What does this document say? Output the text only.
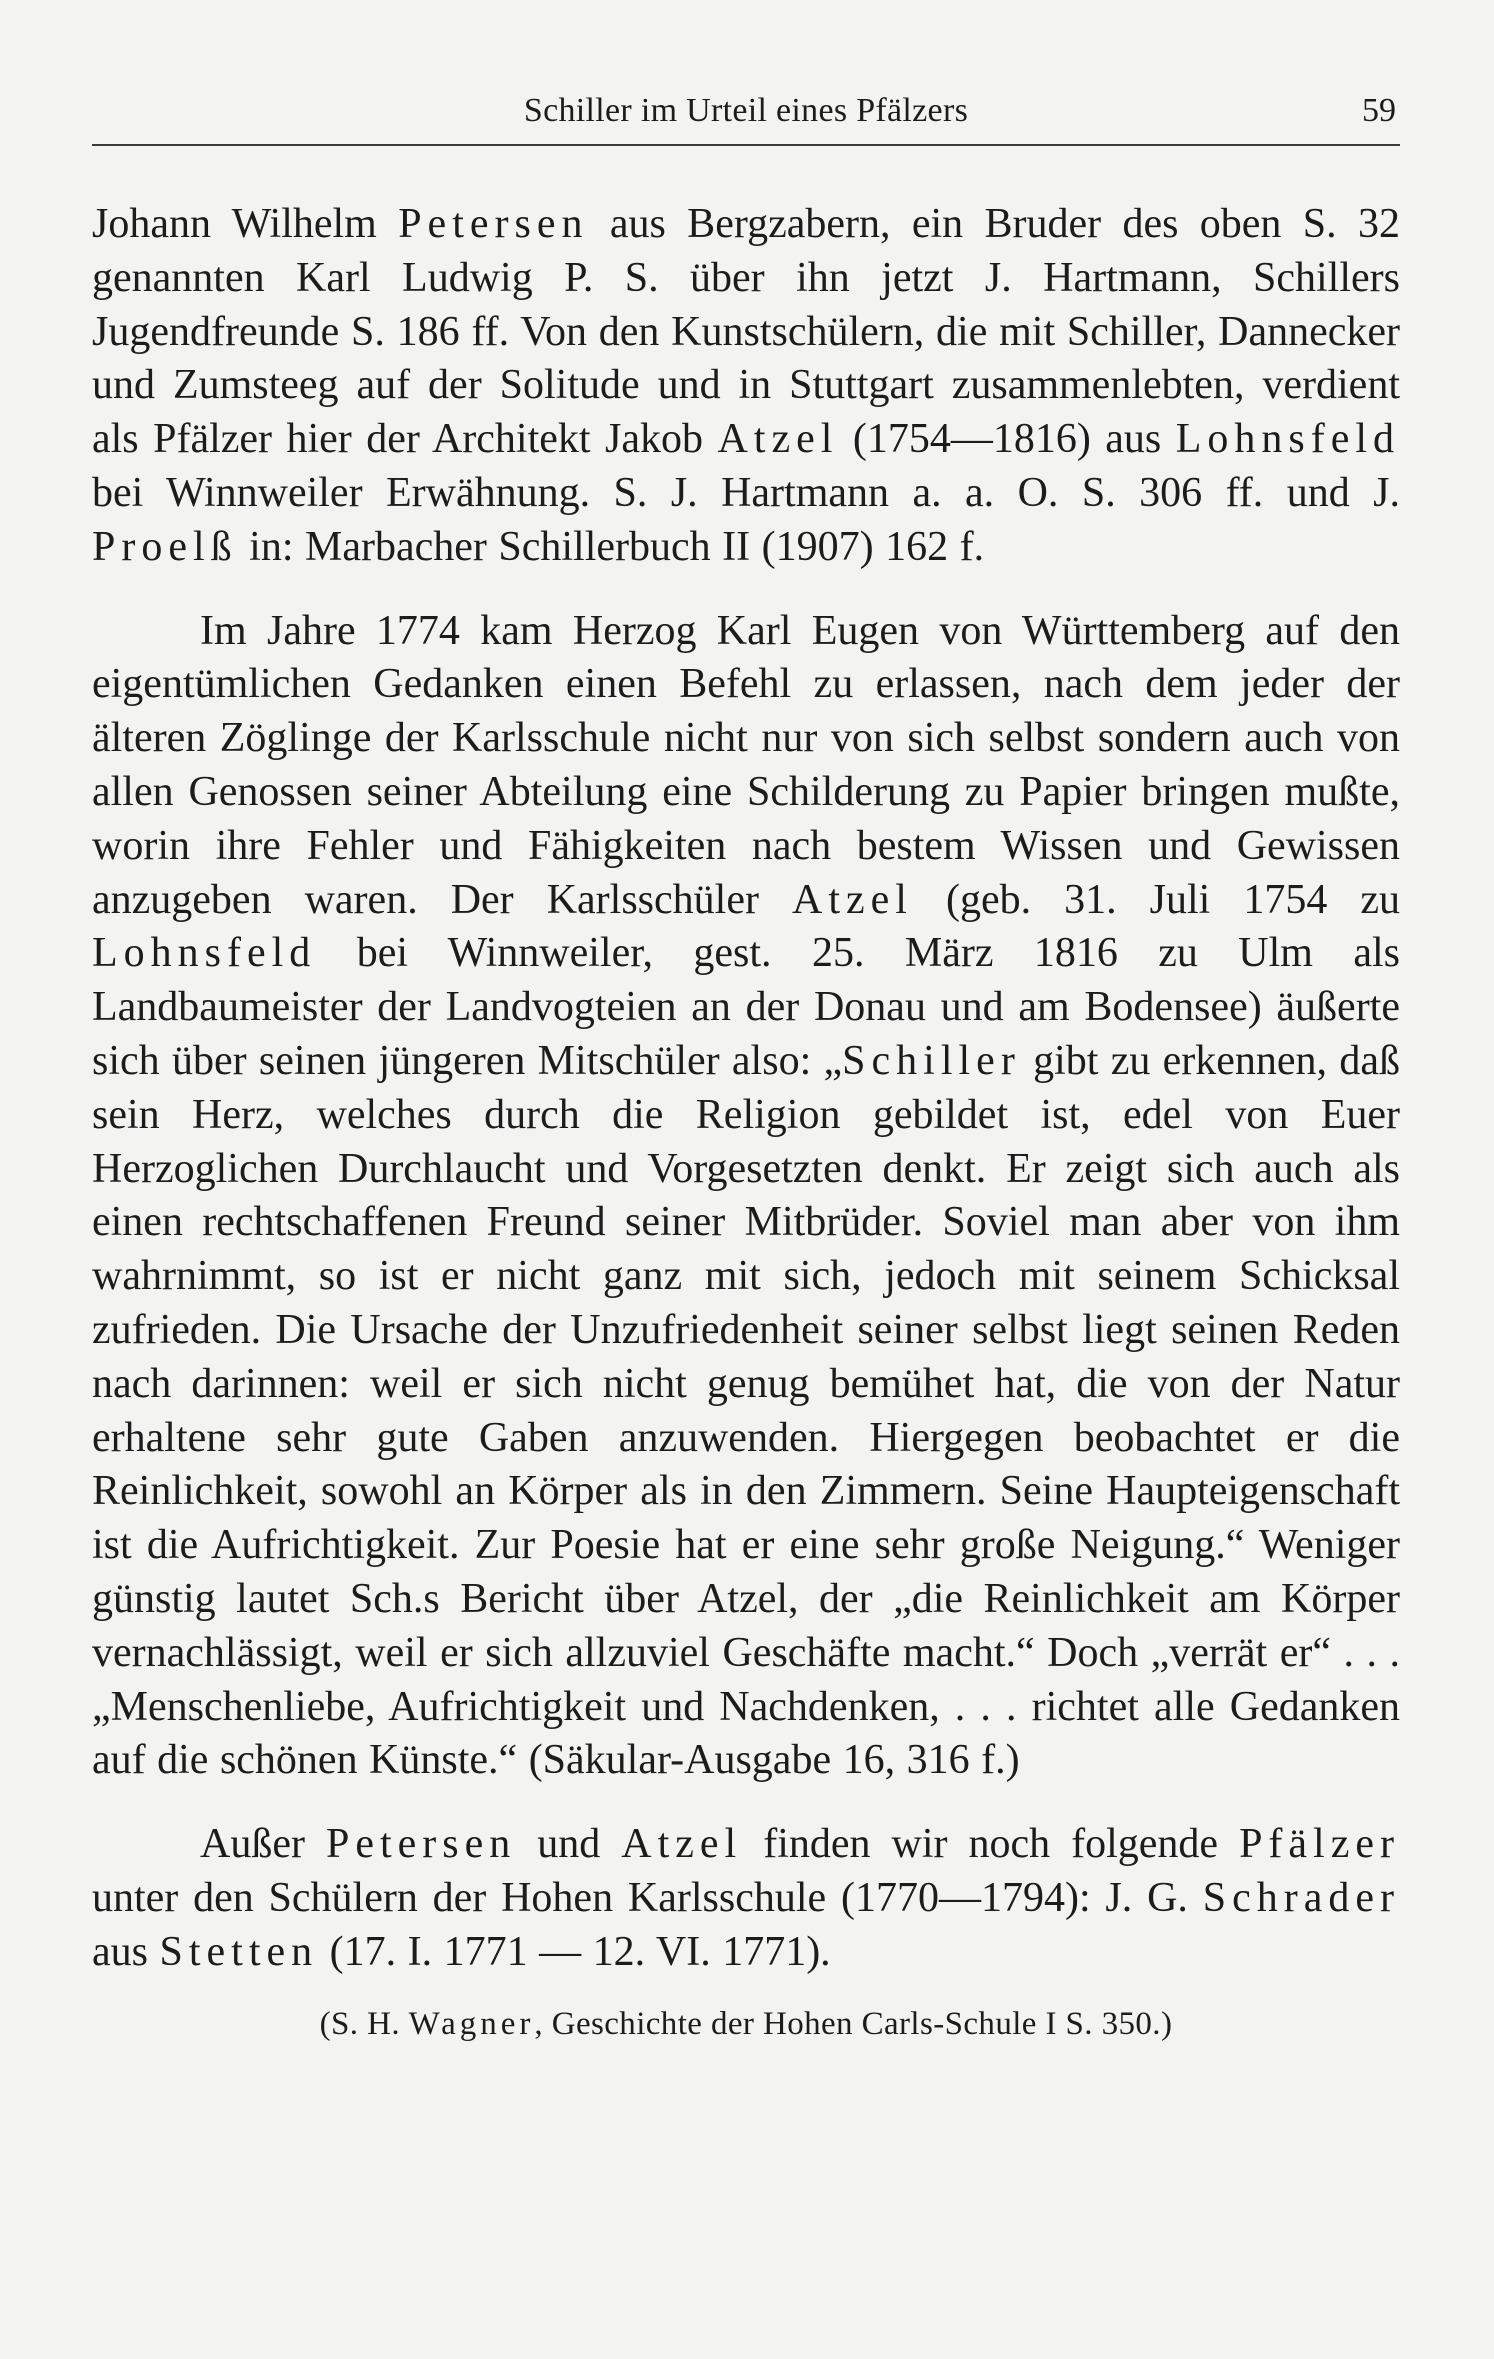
Schiller im Urteil eines Pfälzers	59

Johann Wilhelm Petersen aus Bergzabern, ein Bruder des oben S. 32 genannten Karl Ludwig P. S. über ihn jetzt J. Hartmann, Schillers Jugendfreunde S. 186 ff. Von den Kunstschülern, die mit Schiller, Dannecker und Zumsteeg auf der Solitude und in Stuttgart zusammenlebten, verdient als Pfälzer hier der Architekt Jakob Atzel (1754—1816) aus Lohnsfeld bei Winnweiler Erwähnung. S. J. Hartmann a. a. O. S. 306 ff. und J. Proelß in: Marbacher Schillerbuch II (1907) 162 f.

Im Jahre 1774 kam Herzog Karl Eugen von Württemberg auf den eigentümlichen Gedanken einen Befehl zu erlassen, nach dem jeder der älteren Zöglinge der Karlsschule nicht nur von sich selbst sondern auch von allen Genossen seiner Abteilung eine Schilderung zu Papier bringen mußte, worin ihre Fehler und Fähigkeiten nach bestem Wissen und Gewissen anzugeben waren. Der Karlsschüler Atzel (geb. 31. Juli 1754 zu Lohnsfeld bei Winnweiler, gest. 25. März 1816 zu Ulm als Landbaumeister der Landvogteien an der Donau und am Bodensee) äußerte sich über seinen jüngeren Mitschüler also: „Schiller gibt zu erkennen, daß sein Herz, welches durch die Religion gebildet ist, edel von Euer Herzoglichen Durchlaucht und Vorgesetzten denkt. Er zeigt sich auch als einen rechtschaffenen Freund seiner Mitbrüder. Soviel man aber von ihm wahrnimmt, so ist er nicht ganz mit sich, jedoch mit seinem Schicksal zufrieden. Die Ursache der Unzufriedenheit seiner selbst liegt seinen Reden nach darinnen: weil er sich nicht genug bemühet hat, die von der Natur erhaltene sehr gute Gaben anzuwenden. Hiergegen beobachtet er die Reinlichkeit, sowohl an Körper als in den Zimmern. Seine Haupteigenschaft ist die Aufrichtigkeit. Zur Poesie hat er eine sehr große Neigung.“ Weniger günstig lautet Sch.s Bericht über Atzel, der „die Reinlichkeit am Körper vernachlässigt, weil er sich allzuviel Geschäfte macht.“ Doch „verrät er“ . . . „Menschenliebe, Aufrichtigkeit und Nachdenken, . . . richtet alle Gedanken auf die schönen Künste.“ (Säkular-Ausgabe 16, 316 f.)

Außer Petersen und Atzel finden wir noch folgende Pfälzer unter den Schülern der Hohen Karlsschule (1770—1794): J. G. Schrader aus Stetten (17. I. 1771 — 12. VI. 1771).

(S. H. Wagner, Geschichte der Hohen Carls-Schule I S. 350.)
